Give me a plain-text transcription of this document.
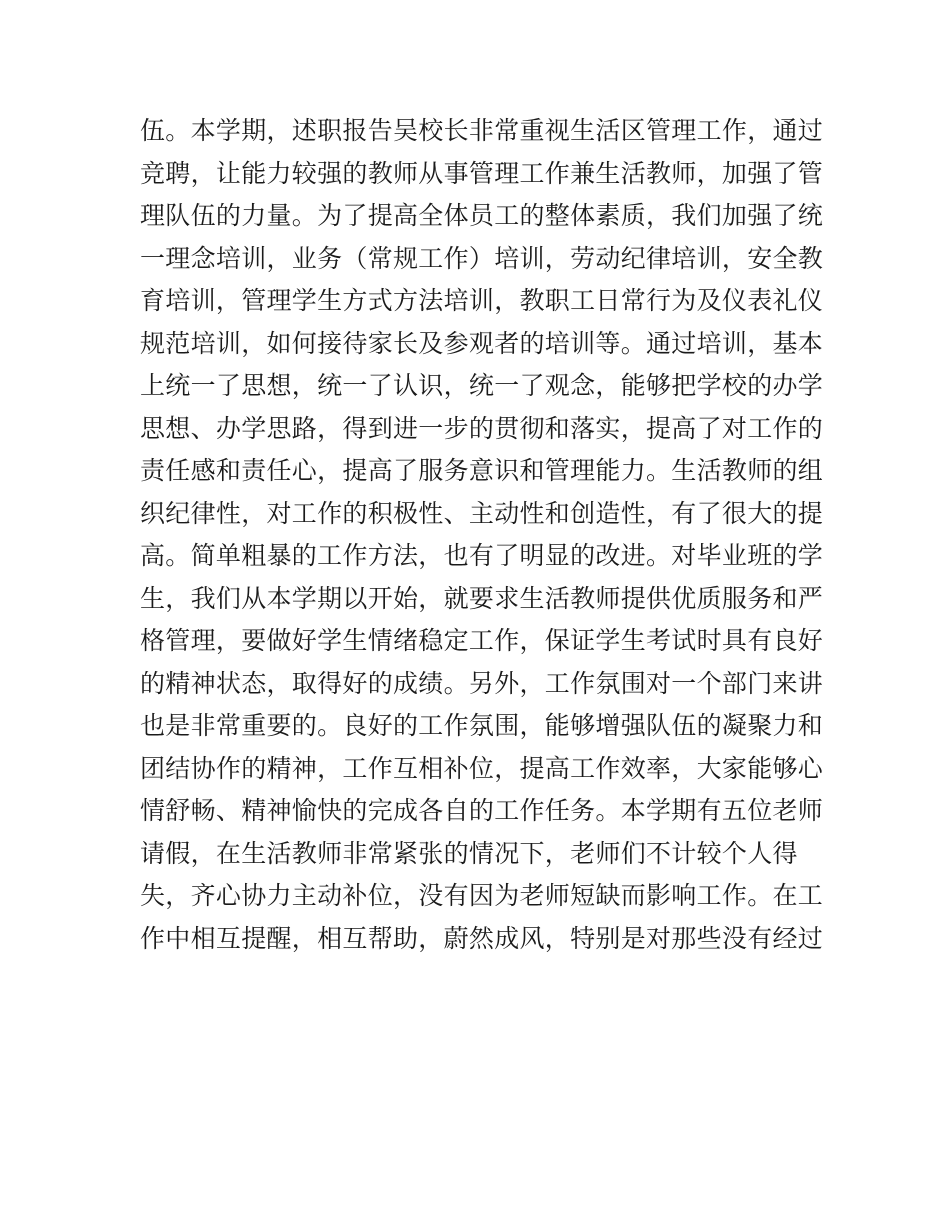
伍。本学期，述职报告吴校长非常重视生活区管理工作，通过
竞聘，让能力较强的教师从事管理工作兼生活教师，加强了管
理队伍的力量。为了提高全体员工的整体素质，我们加强了统
一理念培训，业务（常规工作）培训，劳动纪律培训，安全教
育培训，管理学生方式方法培训，教职工日常行为及仪表礼仪
规范培训，如何接待家长及参观者的培训等。通过培训，基本
上统一了思想，统一了认识，统一了观念，能够把学校的办学
思想、办学思路，得到进一步的贯彻和落实，提高了对工作的
责任感和责任心，提高了服务意识和管理能力。生活教师的组
织纪律性，对工作的积极性、主动性和创造性，有了很大的提
高。简单粗暴的工作方法，也有了明显的改进。对毕业班的学
生，我们从本学期以开始，就要求生活教师提供优质服务和严
格管理，要做好学生情绪稳定工作，保证学生考试时具有良好
的精神状态，取得好的成绩。另外，工作氛围对一个部门来讲
也是非常重要的。良好的工作氛围，能够增强队伍的凝聚力和
团结协作的精神，工作互相补位，提高工作效率，大家能够心
情舒畅、精神愉快的完成各自的工作任务。本学期有五位老师
请假，在生活教师非常紧张的情况下，老师们不计较个人得
失，齐心协力主动补位，没有因为老师短缺而影响工作。在工
作中相互提醒，相互帮助，蔚然成风，特别是对那些没有经过
